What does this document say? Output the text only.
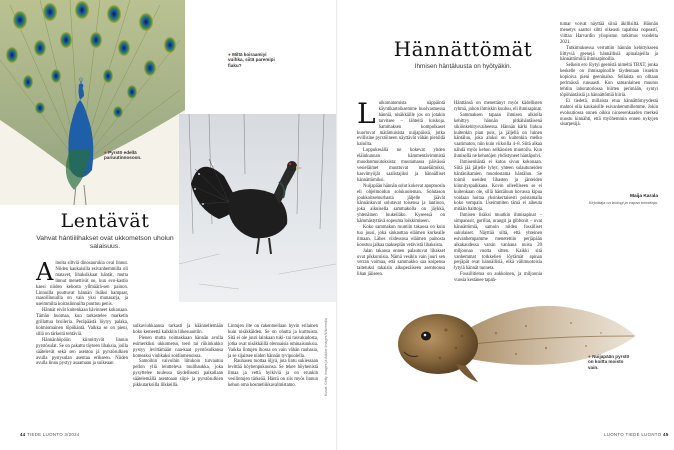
● Miltä koiraamiyi vuihka, siitä paremipi fiaku?
● Pyrstö edellä pariuutinnosoon.
Kuvat: Getty Images ja Adobe Images/Wikimedia
Lentävät

Vahvat hántiilihakset ovat ukkometson uholun salaisuus.

A inoita siltviä dinosaurukia oval linnut. Niiden kaukaisilla esivanhemmilla oli matavet, lihaksikkaat häntät, mutta linnut menettivät ne, kun evo-kastio kaesi niiden kehosta yllmäärä-sen painon. Linnuilla puuttuvat hännän lisäksi hampaat, raasoilinnuilla on vain yksi munasarja, ja useimmilta koiraslinnuilta puuttuu penis.

Hännät eivät kuitenkaan hävinneet kokonaan. Tämän huomaa, kun tarkastelee marketin grillattua broileria. Peräpäästä löytyy palaka, kolmiomainen töpöhäntä. Vaikka se on pieni, sillä on tärkeitä tehtäviä.

Hännänhöpöön kiinnittyvät linnun pyrstösulat. Se on pakattu täyteen lihaksia, joilla säätelevät sekä sen asentoa jä pyrstösulkien avulla pystysulan asentaa erikseen. Niiden avulla linnu pystyy asaamaan ja suikeaan

sulkaviuhkaansa tarkasti ja käännellemään koko kemeettä kaikkiin liikesuuntiin.

Pienen mutta voimakkaan hännän avulla esimerkiksi ukkometso, teeri tai riikinkukko pystyy levittämään naa-kaat pyrstösulkansa komeaksi viuhkaksi soidinmenoissa.

Samoihin vaivoihin liitukoin turvautuu pellon yllä leiutteleva tuulihaukka, joka pysyttelee tuulessa täydellisesti paikallaan säätelemällä asentoaan siipi- ja pyrstösulkien pikkutarkoilla liikkeillä.

Lintujen ilte on rakentoellaan hyvin erilainen kuin nisäkkäiden. Se on ohutta ja kurttuista. Sitä ei ole juuri lainkaan tuki- tai rasvakudosta, jotka ovat nisäkkäillä olennaisia ominaisuuksia. Vaikka lintujen ihossa on vain vähän rauhasia, ja se sijaitsee niiden hännän tyvipuolella.

Rauhasen tuottaa öljyä, jota lintu sukiessaan levittää höyhenpukuunsa. Se tekee höyhenistä ilmaa ja vettä hylkiviä ja on erunkin vesilintujen tärkeää. Häntä on siis myös linnun kehon oma kosmetiikkavalmistamo.

44 TIEDE LUONTO 3/2024
Hännättömät

Ihmisen häntäluusta on hyötyäkin.

L uikomatomista näppäintä käyntikartoiksemme huolvastuessa hänniä, nisäkkäille jos on jotakin tarvitsee – lähteitä luiskoja. Sammaksen kompolkaset kuortuvat mätämuisista nuijapäissä, jotka evillisine pyrstöineen näyttävät vähän pienildä kaloilta.

Loppukesällä ne kokevat yhden eläinkunnan hämmentävimmistä muodonmuutoksista: muutamassa päivässä vesieläimet muuttuvat maaeläimiksi, kasvimyöjät saalistajiksi ja hännälliset hännättömiksi.

Nuijapään hännän solut kokevat apoptoosin eli ohjelmoidun solukuoleman. Solutason joukkoitsemurhasta jäljelle jäävät hännänkuvat solutavat toisensa ja lantioon, joka aikuisella sammakolla on jäykkä, yhtenäinen luukeiläko. Kyseessä on hämmästyttävä sopeuma loikkimiseen.

Koko sammakon ruumiin takaosa on kuin tuo jousi, joka sinkauttaa eläimen korkealle ilmaan. Lähes viidessosa eläimen painosta koostuu jalkaa taakseplän vetävistä lihaksista.

Jalan takaosa ennen palautuvat lihakset ovat pikkuruisia. Nämä vesikin vain juuri sen verran voimaa, että sammakko saa koipensa taitetuksi takaisin alkuperäiseen asentoonsa lihan jäiiseen.

Hänttänsä on menettänyt myös kädellisten ryhmä, johon ihmiskin kuuluu, eli ihmisapinat.

Sammaksen tapaan ihmisen alkiolla kehittyy hännän pitkähäntäisenä sikiönkehitysvaiheessa. Hännän kärki liukuu kuitenkin pian pois, ja jäljellä on luinen häntäluu, joka aluksi on kuitenkin melko vaatimaton, niin kuin viikoilla 4–8. Siitä alkaa nähdä myös kehon selkäosien muotoilu. Kun ihmisellä ne kehotöjen yhdistyneet häntäpolvi.

Ihmisenhäntä ei katoa sivun kokonaan. Siitä jää jäljelle lyhyt, yhteen sulautuneiden häntänikamien muodostama häntäluu. Se toimii useiden lihasten ja jänteiden kiinnityspaikkana. Kovin olleelliseen se ei kuitenkaan ole, sillä häntäluun kovassa kipua voidaan hoitaa yksinkertaisesti poistamalla koko vempain. Useimmiten tämä ei aiheuta mitään haittoja.

Ihmisen lisäksi muutkin ihmisapinat – simpanssit, gorillat, orangit ja gibbonit – ovat hännättömiä, samoin niiden fossiiliset sukulaiset. Näyttää siltä, että yhteinen esivanhempamme menetettiin perjäpään aikakaudessa varsin vanhana nuisu 20 miljoonaa vuotta sitten. Kaikki sitä vanhemmat torkkelien löytämät apinan perjäpät ovat hännällisiä, eikä välimuotoisia lytyiä hännät tunneta.

Fossiilitietoa on aukkoinen, ja miljoonia vuosia kestänee tapah-

tumar voivat näyttää siinä äkillisiltä. Hännän menetys saattoi siltti oikeasti tapahtua nopeasti, viittaa Harvardin yliopiston tutkimus vuodelta 2021.

Tutkimuksessa verrattiin hännän kehittykseen liittyviä geenejä hännällisiä apinalajeilla ja hännättömillä ihmisapinoilla.

Selkein ero löytyi geenistä nimeltä TBXT, jonka keskelle on ihmisapinoille täydentaan lisuekin kopioiva pieni geeninalso. Sellaista on olltaan perimässä runsaasti. Kun samanlainen muutos tehtiin laboratoriossa hiirten perimään, syntyi töpöhäntäisiä ja hännättömiä hiiriä.

Ei tiedetä, millaista etua hännättömyydestä mahtoi olla kaukaisille esivanhemmillemme. Jokin evoluutiossa onnen oikku nicoesenkaaden merkeä nuostu kinnähti, että myöhemmin ennen nykyjen sisarpesijä.

Maija Karala
Kirjoittaja on biologi ja vapaa toimittaja.
● Nuijapään pyrstö on koitta moisto vain.
LUONTO TIEDE LUONTO 45
